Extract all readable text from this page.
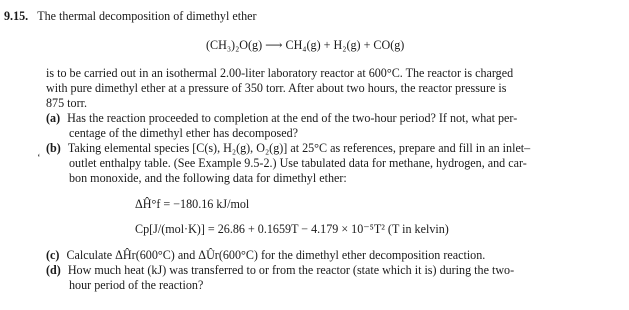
9.15. The thermal decomposition of dimethyl ether
(CH₃)₂O(g) ⟶ CH₄(g) + H₂(g) + CO(g)
is to be carried out in an isothermal 2.00-liter laboratory reactor at 600°C. The reactor is charged
with pure dimethyl ether at a pressure of 350 torr. After about two hours, the reactor pressure is
875 torr.
(a) Has the reaction proceeded to completion at the end of the two-hour period? If not, what per-
centage of the dimethyl ether has decomposed?
‘
(b) Taking elemental species [C(s), H₂(g), O₂(g)] at 25°C as references, prepare and fill in an inlet–
outlet enthalpy table. (See Example 9.5-2.) Use tabulated data for methane, hydrogen, and car-
bon monoxide, and the following data for dimethyl ether:
ΔĤ°f = −180.16 kJ/mol
Cp[J/(mol·K)] = 26.86 + 0.1659T − 4.179 × 10⁻⁵T² (T in kelvin)
(c) Calculate ΔĤr(600°C) and ΔÛr(600°C) for the dimethyl ether decomposition reaction.
(d) How much heat (kJ) was transferred to or from the reactor (state which it is) during the two-
hour period of the reaction?
